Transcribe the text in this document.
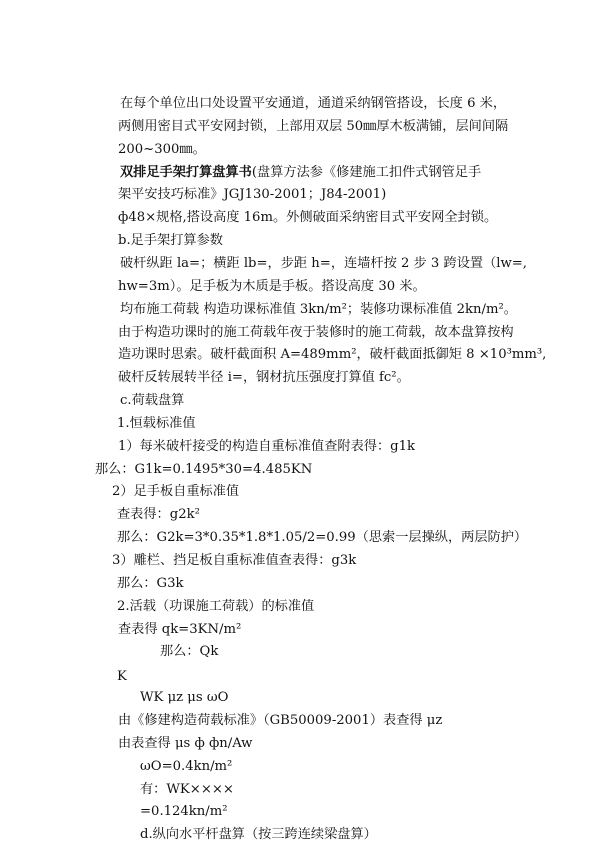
在每个单位出口处设置平安通道，通道采纳钢管搭设，长度 6 米，
两侧用密目式平安网封锁，上部用双层 50㎜厚木板满铺，层间间隔
200~300㎜。
双排足手架打算盘算书(盘算方法参《修建施工扣件式钢管足手
架平安技巧标准》JGJ130-2001；J84-2001)
ф48×规格,搭设高度 16m。外侧破面采纳密目式平安网全封锁。
b.足手架打算参数
破杆纵距 la=；横距 lb=，步距 h=，连墙杆按 2 步 3 跨设置（lw=,
hw=3m）。足手板为木质是手板。搭设高度 30 米。
均布施工荷载 构造功课标准值 3kn/m²；装修功课标准值 2kn/m²。
由于构造功课时的施工荷载年夜于装修时的施工荷载，故本盘算按构
造功课时思索。破杆截面积 A=489mm²，破杆截面抵御矩 8 ×10³mm³,
破杆反转展转半径 i=，钢材抗压强度打算值 fc²。
c.荷载盘算
1.恒载标准值
1）每米破杆接受的构造自重标准值查附表得：g1k
那么：G1k=0.1495*30=4.485KN
2）足手板自重标准值
查表得：g2k²
那么：G2k=3*0.35*1.8*1.05/2=0.99（思索一层操纵，两层防护）
3）雕栏、挡足板自重标准值查表得：g3k
那么：G3k
2.活载（功课施工荷载）的标准值
查表得 qk=3KN/m²
那么：Qk
K
WK μz μs ωO
由《修建构造荷载标准》（GB50009-2001）表查得 μz
由表查得 μs ф фn/Aw
ωO=0.4kn/m²
有：WK××××
=0.124kn/m²
d.纵向水平杆盘算（按三跨连续梁盘算）
